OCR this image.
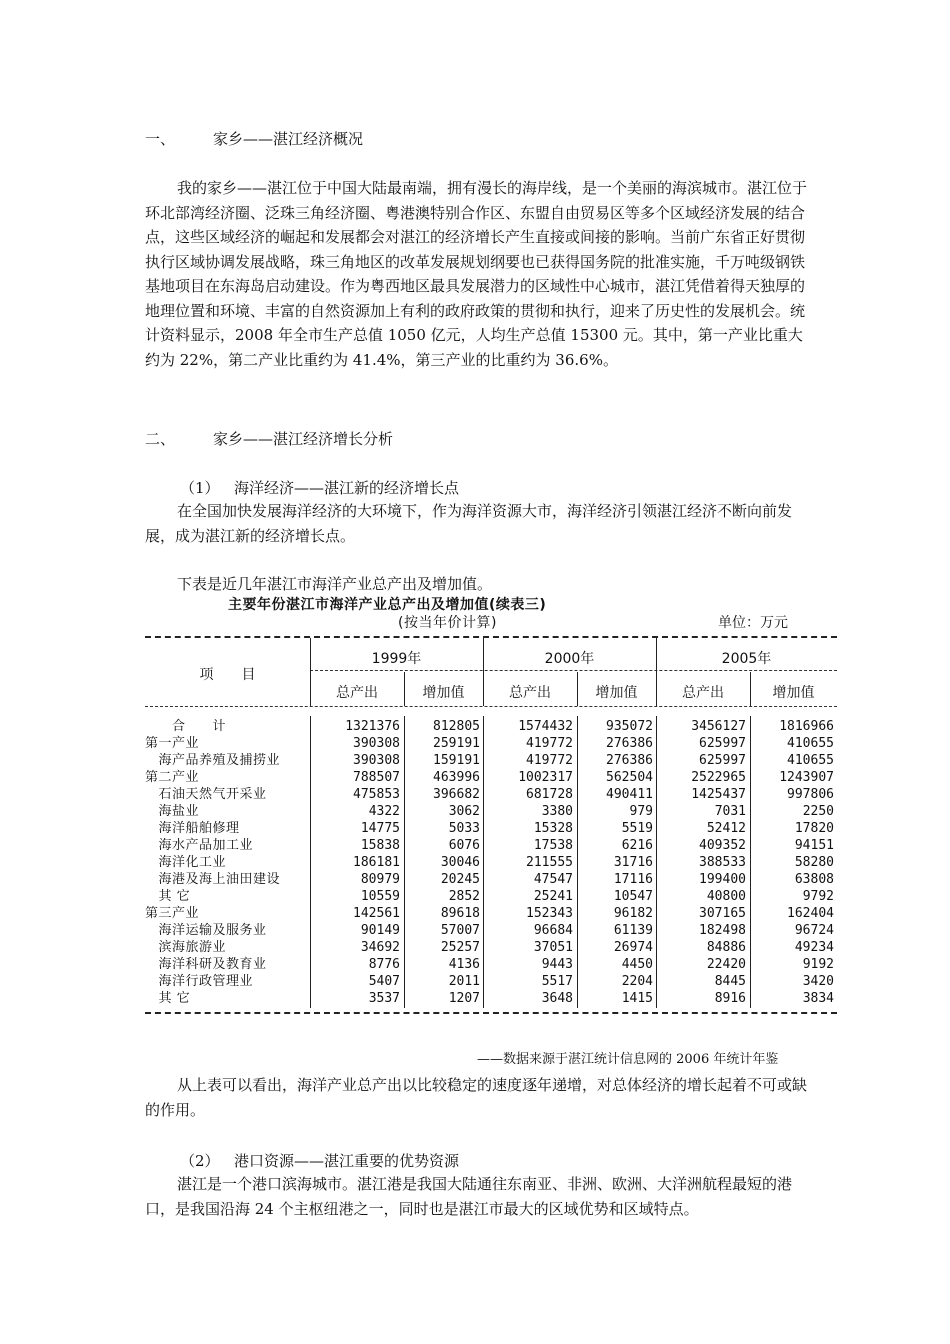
一、	家乡——湛江经济概况

我的家乡——湛江位于中国大陆最南端，拥有漫长的海岸线，是一个美丽的海滨城市。湛江位于环北部湾经济圈、泛珠三角经济圈、粤港澳特别合作区、东盟自由贸易区等多个区域经济发展的结合点，这些区域经济的崛起和发展都会对湛江的经济增长产生直接或间接的影响。当前广东省正好贯彻执行区域协调发展战略，珠三角地区的改革发展规划纲要也已获得国务院的批准实施，千万吨级钢铁基地项目在东海岛启动建设。作为粤西地区最具发展潜力的区域性中心城市，湛江凭借着得天独厚的地理位置和环境、丰富的自然资源加上有利的政府政策的贯彻和执行，迎来了历史性的发展机会。统计资料显示，2008 年全市生产总值 1050 亿元，人均生产总值 15300 元。其中，第一产业比重大约为 22%，第二产业比重约为 41.4%，第三产业的比重约为 36.6%。

二、	家乡——湛江经济增长分析
（1） 海洋经济——湛江新的经济增长点

在全国加快发展海洋经济的大环境下，作为海洋资源大市，海洋经济引领湛江经济不断向前发展，成为湛江新的经济增长点。

下表是近几年湛江市海洋产业总产出及增加值。
主要年份湛江市海洋产业总产出及增加值(续表三)
(按当年价计算)	单位：万元
项　　目
1999年	2000年	2005年
总产出	增加值	总产出	增加值	总产出	增加值
　　合　　计	1321376	812805	1574432	935072	3456127	1816966
第一产业	390308	259191	419772	276386	625997	410655
　海产品养殖及捕捞业	390308	159191	419772	276386	625997	410655
第二产业	788507	463996	1002317	562504	2522965	1243907
　石油天然气开采业	475853	396682	681728	490411	1425437	997806
　海盐业	4322	3062	3380	979	7031	2250
　海洋船舶修理	14775	5033	15328	5519	52412	17820
　海水产品加工业	15838	6076	17538	6216	409352	94151
　海洋化工业	186181	30046	211555	31716	388533	58280
　海港及海上油田建设	80979	20245	47547	17116	199400	63808
　其 它	10559	2852	25241	10547	40800	9792
第三产业	142561	89618	152343	96182	307165	162404
　海洋运输及服务业	90149	57007	96684	61139	182498	96724
　滨海旅游业	34692	25257	37051	26974	84886	49234
　海洋科研及教育业	8776	4136	9443	4450	22420	9192
　海洋行政管理业	5407	2011	5517	2204	8445	3420
　其 它	3537	1207	3648	1415	8916	3834
——数据来源于湛江统计信息网的 2006 年统计年鉴

从上表可以看出，海洋产业总产出以比较稳定的速度逐年递增，对总体经济的增长起着不可或缺的作用。

（2） 港口资源——湛江重要的优势资源

湛江是一个港口滨海城市。湛江港是我国大陆通往东南亚、非洲、欧洲、大洋洲航程最短的港口，是我国沿海 24 个主枢纽港之一，同时也是湛江市最大的区域优势和区域特点。
